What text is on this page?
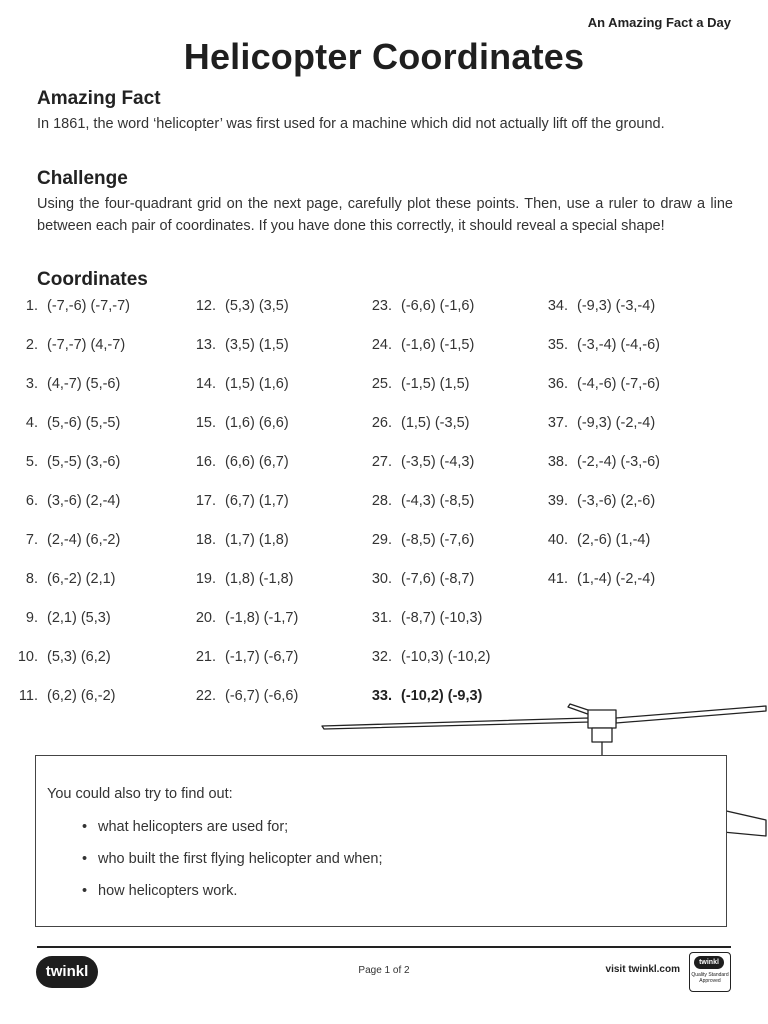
An Amazing Fact a Day
Helicopter Coordinates
Amazing Fact
In 1861, the word ‘helicopter’ was first used for a machine which did not actually lift off the ground.
Challenge
Using the four-quadrant grid on the next page, carefully plot these points. Then, use a ruler to draw a line between each pair of coordinates. If you have done this correctly, it should reveal a special shape!
Coordinates
1. (-7,-6) (-7,-7)
2. (-7,-7) (4,-7)
3. (4,-7) (5,-6)
4. (5,-6) (5,-5)
5. (5,-5) (3,-6)
6. (3,-6) (2,-4)
7. (2,-4) (6,-2)
8. (6,-2) (2,1)
9. (2,1) (5,3)
10. (5,3) (6,2)
11. (6,2) (6,-2)
12. (5,3) (3,5)
13. (3,5) (1,5)
14. (1,5) (1,6)
15. (1,6) (6,6)
16. (6,6) (6,7)
17. (6,7) (1,7)
18. (1,7) (1,8)
19. (1,8) (-1,8)
20. (-1,8) (-1,7)
21. (-1,7) (-6,7)
22. (-6,7) (-6,6)
23. (-6,6) (-1,6)
24. (-1,6) (-1,5)
25. (-1,5) (1,5)
26. (1,5) (-3,5)
27. (-3,5) (-4,3)
28. (-4,3) (-8,5)
29. (-8,5) (-7,6)
30. (-7,6) (-8,7)
31. (-8,7) (-10,3)
32. (-10,3) (-10,2)
33. (-10,2) (-9,3)
34. (-9,3) (-3,-4)
35. (-3,-4) (-4,-6)
36. (-4,-6) (-7,-6)
37. (-9,3) (-2,-4)
38. (-2,-4) (-3,-6)
39. (-3,-6) (2,-6)
40. (2,-6) (1,-4)
41. (1,-4) (-2,-4)
You could also try to find out:
• what helicopters are used for;
• who built the first flying helicopter and when;
• how helicopters work.
twinkl	Page 1 of 2	visit twinkl.com
twinkl
Quality Standard Approved
